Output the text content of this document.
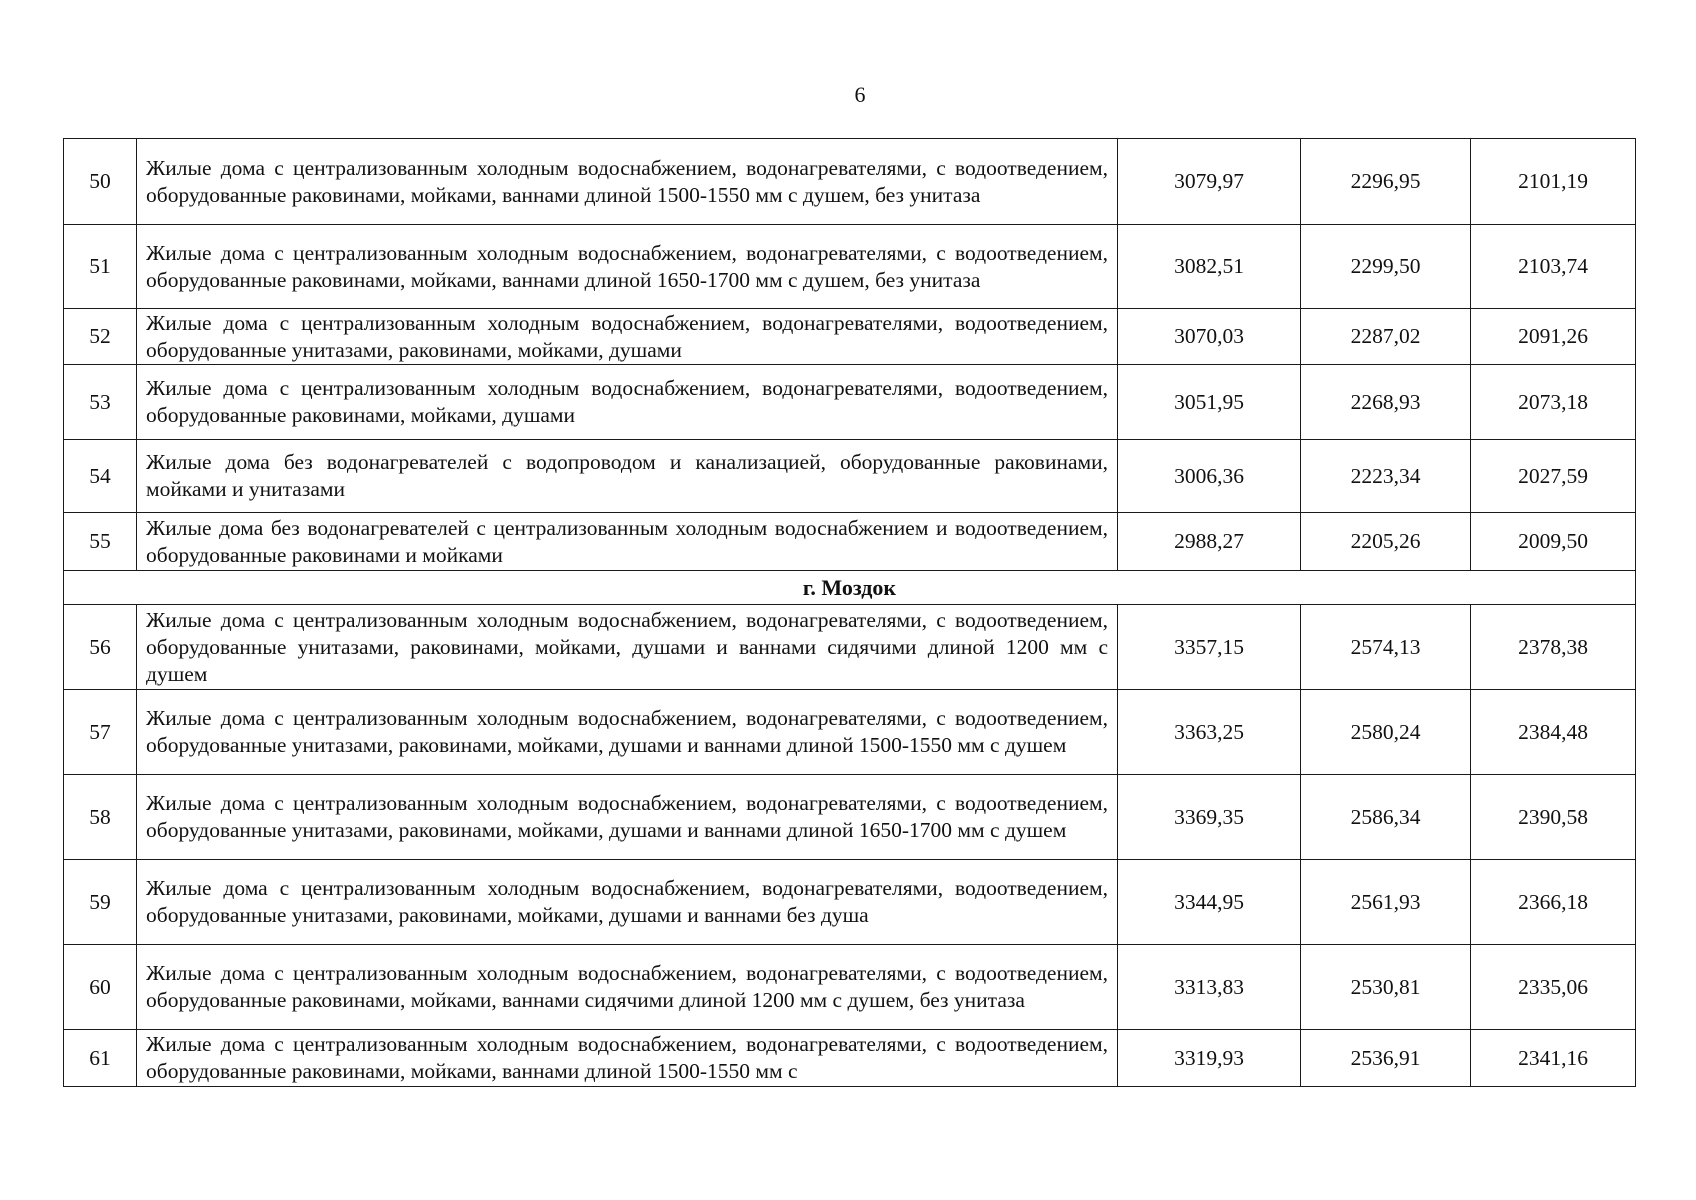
6
50	Жилые дома с централизованным холодным водоснабжением, водонагревателями, с водоотведением, оборудованные раковинами, мойками, ваннами длиной 1500-1550 мм с душем, без унитаза	3079,97	2296,95	2101,19
51	Жилые дома с централизованным холодным водоснабжением, водонагревателями, с водоотведением, оборудованные раковинами, мойками, ваннами длиной 1650-1700 мм с душем, без унитаза	3082,51	2299,50	2103,74
52	Жилые дома с централизованным холодным водоснабжением, водонагревателями, водоотведением, оборудованные унитазами, раковинами, мойками, душами	3070,03	2287,02	2091,26
53	Жилые дома с централизованным холодным водоснабжением, водонагревателями, водоотведением, оборудованные раковинами, мойками, душами	3051,95	2268,93	2073,18
54	Жилые дома без водонагревателей с водопроводом и канализацией, оборудованные раковинами, мойками и унитазами	3006,36	2223,34	2027,59
55	Жилые дома без водонагревателей с централизованным холодным водоснабжением и водоотведением, оборудованные раковинами и мойками	2988,27	2205,26	2009,50
г. Моздок				
56	Жилые дома с централизованным холодным водоснабжением, водонагревателями, с водоотведением, оборудованные унитазами, раковинами, мойками, душами и ваннами сидячими длиной 1200 мм с душем	3357,15	2574,13	2378,38
57	Жилые дома с централизованным холодным водоснабжением, водонагревателями, с водоотведением, оборудованные унитазами, раковинами, мойками, душами и ваннами длиной 1500-1550 мм с душем	3363,25	2580,24	2384,48
58	Жилые дома с централизованным холодным водоснабжением, водонагревателями, с водоотведением, оборудованные унитазами, раковинами, мойками, душами и ваннами длиной 1650-1700 мм с душем	3369,35	2586,34	2390,58
59	Жилые дома с централизованным холодным водоснабжением, водонагревателями, водоотведением, оборудованные унитазами, раковинами, мойками, душами и ваннами без душа	3344,95	2561,93	2366,18
60	Жилые дома с централизованным холодным водоснабжением, водонагревателями, с водоотведением, оборудованные раковинами, мойками, ваннами сидячими длиной 1200 мм с душем, без унитаза	3313,83	2530,81	2335,06
61	Жилые дома с централизованным холодным водоснабжением, водонагревателями, с водоотведением, оборудованные раковинами, мойками, ваннами длиной 1500-1550 мм с	3319,93	2536,91	2341,16
